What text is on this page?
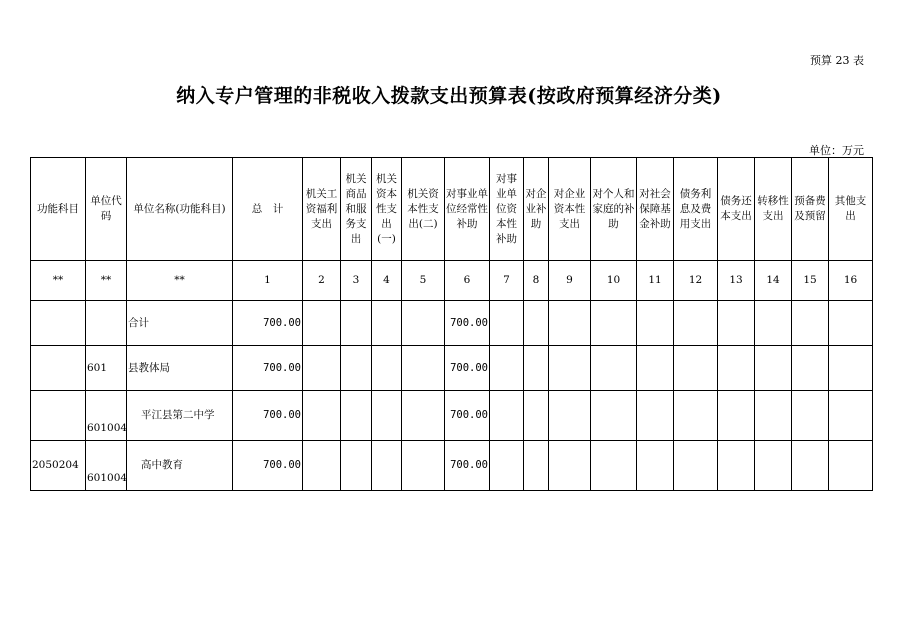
预算 23 表
纳入专户管理的非税收入拨款支出预算表(按政府预算经济分类)
单位：万元
功能科目	单位代码	单位名称(功能科目)	总　计	机关工资福利支出	机关商品和服务支出	机关资本性支出(一)	机关资本性支出(二)	对事业单位经常性补助	对事业单位资本性补助	对企业补助	对企业资本性支出	对个人和家庭的补助	对社会保障基金补助	债务利息及费用支出	债务还本支出	转移性支出	预备费及预留	其他支出
**	**	**	1	2	3	4	5	6	7	8	9	10	11	12	13	14	15	16
		合计	700.00					700.00										
	601	县教体局	700.00					700.00										
	601004	平江县第二中学	700.00					700.00										
2050204	601004	高中教育	700.00					700.00										
